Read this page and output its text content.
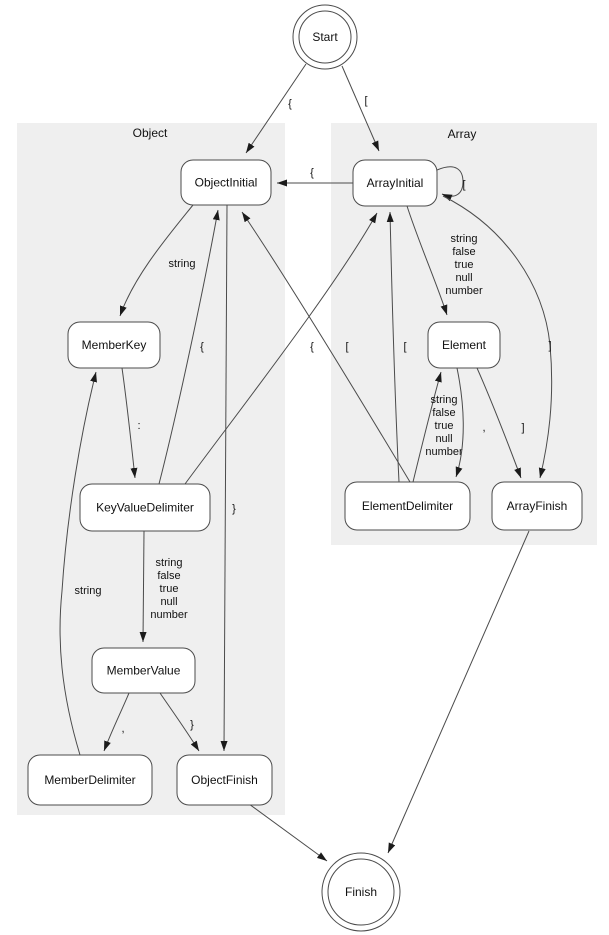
Object	Array
{	[
{
[
string
:
string
false
true
null
number
{	[
{	[
string
false
true
null
number
string
false
true
null
number
,	]
]
}
,	}
string
Start
Finish
ObjectInitial	ArrayInitial
MemberKey	Element
KeyValueDelimiter	ElementDelimiter	ArrayFinish
MemberValue
MemberDelimiter	ObjectFinish
